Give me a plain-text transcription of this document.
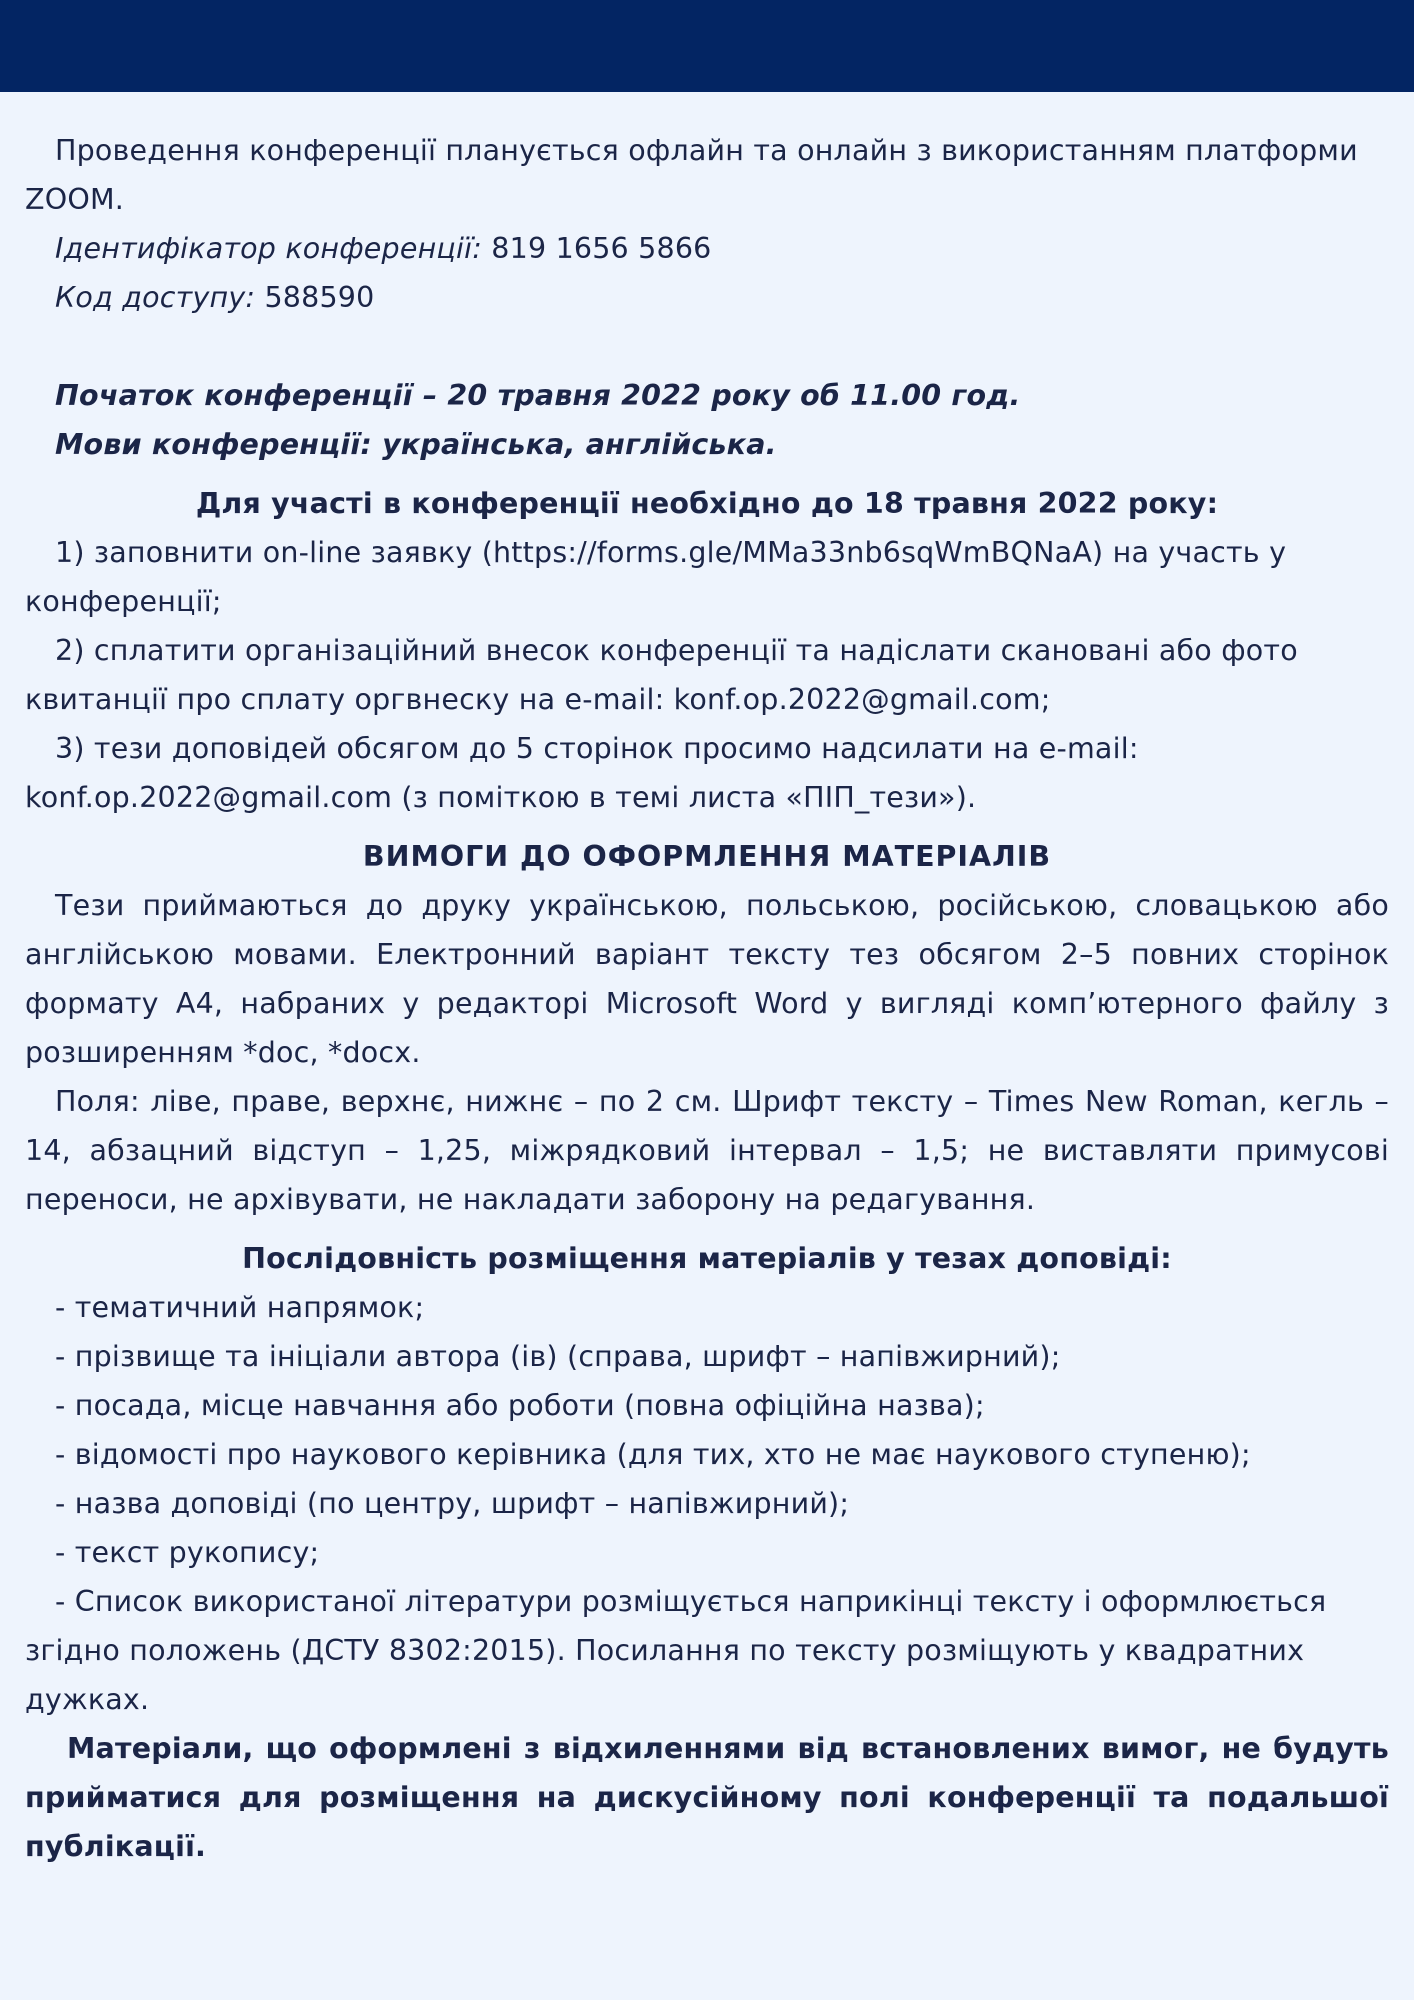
Проведення конференції планується офлайн та онлайн з використанням платформи ZOOM.

Ідентифікатор конференції: 819 1656 5866

Код доступу: 588590

Початок конференції – 20 травня 2022 року об 11.00 год.

Мови конференції: українська, англійська.

Для участі в конференції необхідно до 18 травня 2022 року:

1) заповнити on-line заявку (https://forms.gle/MMa33nb6sqWmBQNaA) на участь у конференції;

2) сплатити організаційний внесок конференції та надіслати скановані або фото квитанції про сплату оргвнеску на e-mail: konf.op.2022@gmail.com;

3) тези доповідей обсягом до 5 сторінок просимо надсилати на e-mail: konf.op.2022@gmail.com (з поміткою в темі листа «ПІП_тези»).

ВИМОГИ ДО ОФОРМЛЕННЯ МАТЕРІАЛІВ

Тези приймаються до друку українською, польською, російською, словацькою або англійською мовами. Електронний варіант тексту тез обсягом 2–5 повних сторінок формату А4, набраних у редакторі Microsoft Word у вигляді комп’ютерного файлу з розширенням *doc, *docx.

Поля: ліве, праве, верхнє, нижнє – по 2 см. Шрифт тексту – Times New Roman, кегль – 14, абзацний відступ – 1,25, міжрядковий інтервал – 1,5; не виставляти примусові переноси, не архівувати, не накладати заборону на редагування.

Послідовність розміщення матеріалів у тезах доповіді:

- тематичний напрямок;

- прізвище та ініціали автора (ів) (справа, шрифт – напівжирний);

- посада, місце навчання або роботи (повна офіційна назва);

- відомості про наукового керівника (для тих, хто не має наукового ступеню);

- назва доповіді (по центру, шрифт – напівжирний);

- текст рукопису;

- Список використаної літератури розміщується наприкінці тексту і оформлюється згідно положень (ДСТУ 8302:2015). Посилання по тексту розміщують у квадратних дужках.

Матеріали, що оформлені з відхиленнями від встановлених вимог, не будуть прийматися для розміщення на дискусійному полі конференції та подальшої публікації.
